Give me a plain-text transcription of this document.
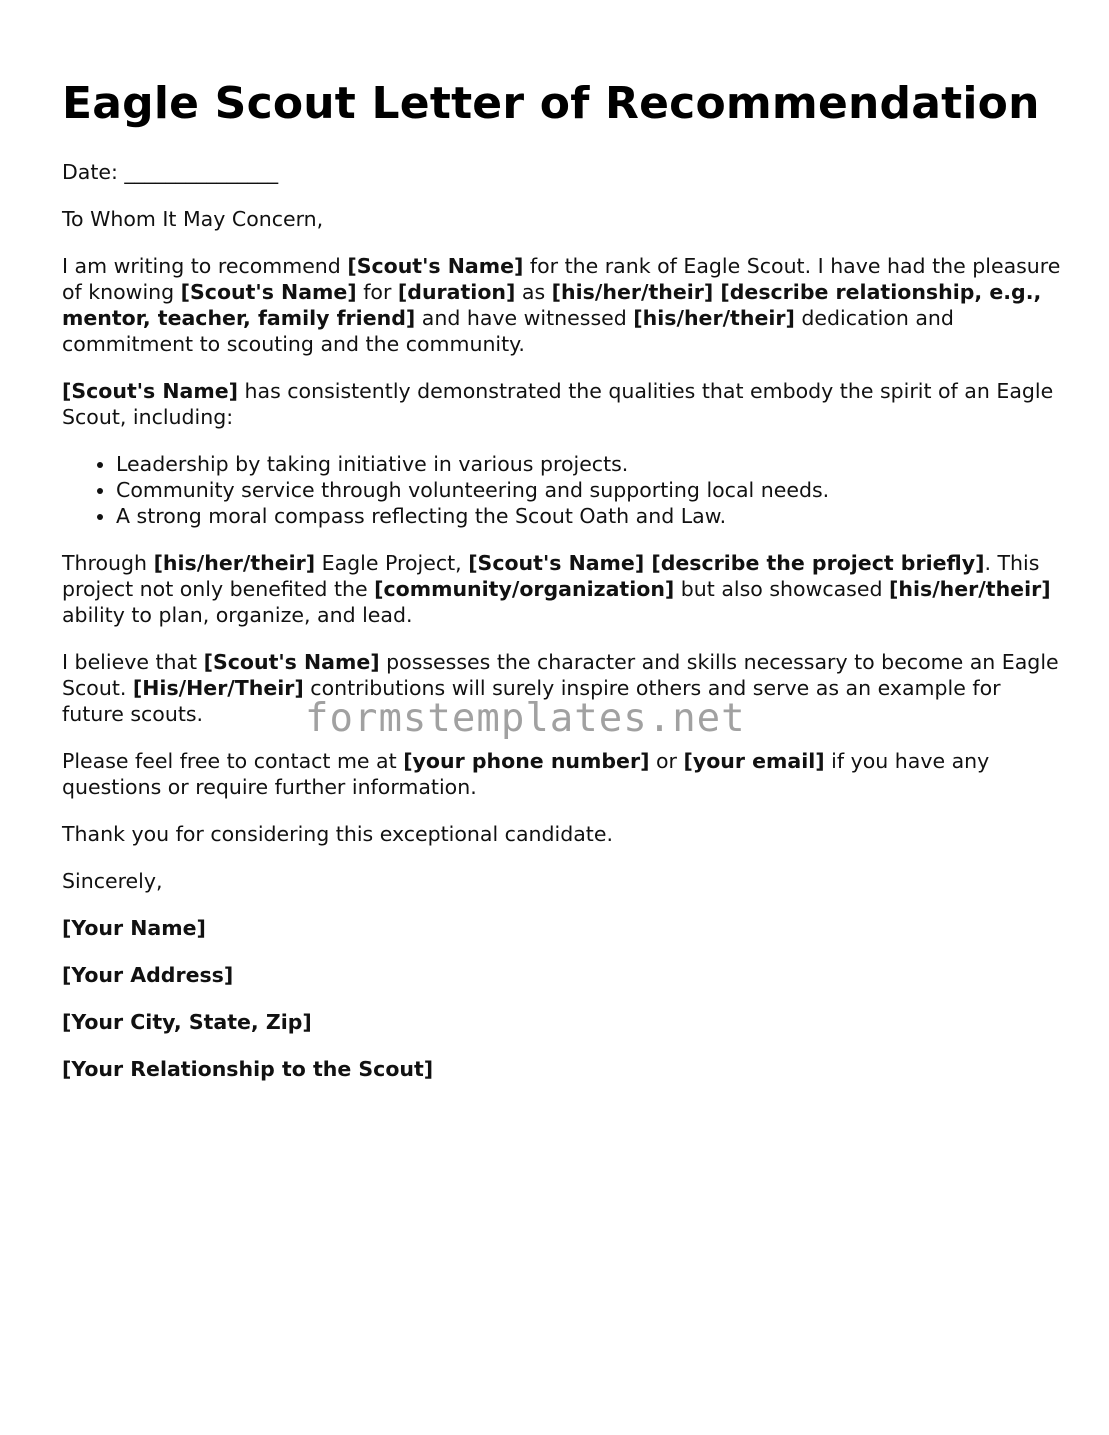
Eagle Scout Letter of Recommendation

Date: _______________

To Whom It May Concern,

I am writing to recommend [Scout's Name] for the rank of Eagle Scout. I have had the pleasure of knowing [Scout's Name] for [duration] as [his/her/their] [describe relationship, e.g., mentor, teacher, family friend] and have witnessed [his/her/their] dedication and commitment to scouting and the community.

[Scout's Name] has consistently demonstrated the qualities that embody the spirit of an Eagle Scout, including:

• Leadership by taking initiative in various projects.
• Community service through volunteering and supporting local needs.
• A strong moral compass reflecting the Scout Oath and Law.

Through [his/her/their] Eagle Project, [Scout's Name] [describe the project briefly]. This project not only benefited the [community/organization] but also showcased [his/her/their] ability to plan, organize, and lead.

I believe that [Scout's Name] possesses the character and skills necessary to become an Eagle Scout. [His/Her/Their] contributions will surely inspire others and serve as an example for future scouts.

Please feel free to contact me at [your phone number] or [your email] if you have any questions or require further information.

Thank you for considering this exceptional candidate.

Sincerely,

[Your Name]

[Your Address]

[Your City, State, Zip]

[Your Relationship to the Scout]

formstemplates.net
